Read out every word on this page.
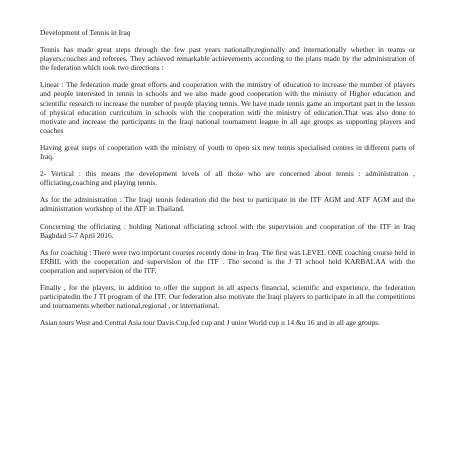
Development of Tennis in Iraq

Tennis has made great steps through the few past years nationally,regionally and internationally whether in teams or players,couches and referees. They achieved remarkable achievements according to the plans made by the administration of the federation which took two directions :

Linear : The federation made great efforts and cooperation with the ministry of education to increase the number of players and people interested in tennis in schools and we also made good cooperation with the ministry of Higher education and scientific research to increase the number of people playing tennis. We have made tennis game an important part in the lesson of physical education curriculum in schools with the cooperation with the ministry of education.That was also done to motivate and increase the participants in the Iraqi national tournament league in all age groups as supporting players and coaches

Having great steps of cooperation with the ministry of youth to open six new tennis specialised centres in different parts of Iraq.

2- Vertical : this means the development levels of all those who are concerned about tennis : administration , officiating,coaching and playing tennis.

As for the administration : The Iraqi tennis federation did the best to participate in the ITF AGM and ATF AGM and the administration workshop of the ATF in Thailand.

Concerning the officiating : holding National officiating school with the supervision and cooperation of the ITF in Iraq Baghdad 5-7 April 2016.

As for coaching : There were two important courses recently done in Iraq. The first was LEVEL ONE coaching course held in ERBIL with the cooperation and supervision of the ITF . The second is the J TI school held KARBALAA with the cooperation and supervision of the ITF.

Finally , for the players, in addition to offer the support in all aspects financial, scientific and experience, the federation participatedin the J TI program of the ITF. Our federation also motivate the Iraqi players to participate in all the competitions and tournaments whether national,regional , or international.

Asian tours West and Central Asia tour Davis Cup,fed cup and J unior World cup u 14 &u 16 and in all age groups.
